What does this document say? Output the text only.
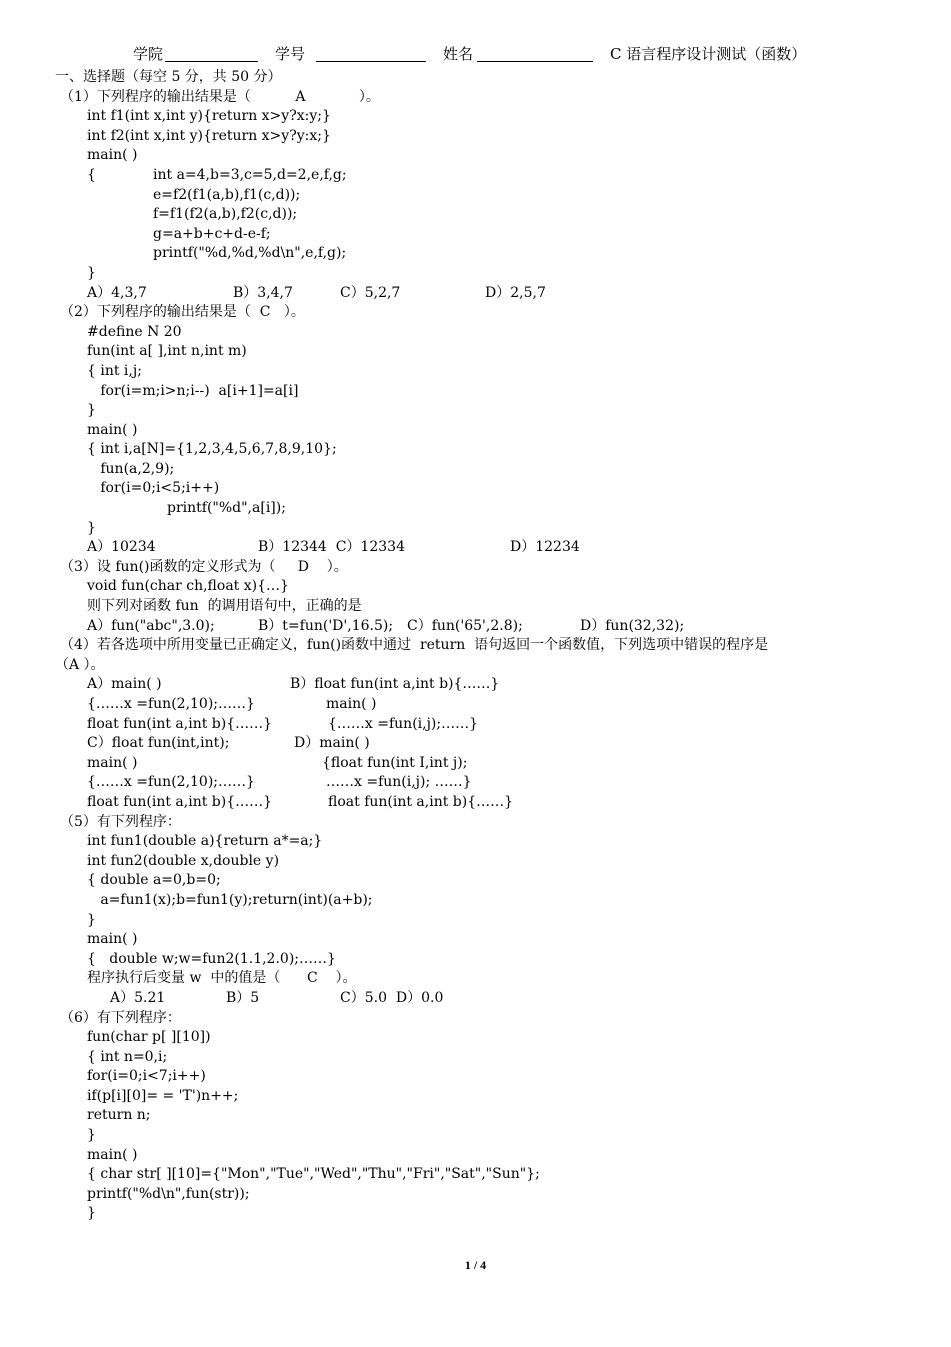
学院	学号	姓名	C 语言程序设计测试（函数）
一、选择题（每空 5 分，共 50 分）
（1）下列程序的输出结果是（          A            ）。
int f1(int x,int y){return x>y?x:y;}
int f2(int x,int y){return x>y?y:x;}
main( )
{	int a=4,b=3,c=5,d=2,e,f,g;
e=f2(f1(a,b),f1(c,d));
f=f1(f2(a,b),f2(c,d));
g=a+b+c+d-e-f;
printf("%d,%d,%d\n",e,f,g);
}
A）4,3,7	B）3,4,7	C）5,2,7	D）2,5,7
（2）下列程序的输出结果是（  C   ）。
#define N 20
fun(int a[ ],int n,int m)
{ int i,j;
for(i=m;i>n;i--)  a[i+1]=a[i]
}
main( )
{ int i,a[N]={1,2,3,4,5,6,7,8,9,10};
fun(a,2,9);
for(i=0;i<5;i++)
printf("%d",a[i]);
}
A）10234	B）12344  C）12334	D）12234
（3）设 fun()函数的定义形式为（     D    ）。
void fun(char ch,float x){…}
则下列对函数 fun  的调用语句中，正确的是
A）fun("abc",3.0);	B）t=fun('D',16.5); C）fun('65',2.8);	D）fun(32,32);
（4）若各选项中所用变量已正确定义，fun()函数中通过  return  语句返回一个函数值，下列选项中错误的程序是
（A ）。
A）main( )	B）float fun(int a,int b){……}
{……x =fun(2,10);……}	main( )
float fun(int a,int b){……}	{……x =fun(i,j);……}
C）float fun(int,int);	D）main( )
main( )	{float fun(int I,int j);
{……x =fun(2,10);……}	……x =fun(i,j); ……}
float fun(int a,int b){……}	float fun(int a,int b){……}
（5）有下列程序：
int fun1(double a){return a*=a;}
int fun2(double x,double y)
{ double a=0,b=0;
a=fun1(x);b=fun1(y);return(int)(a+b);
}
main( )
{   double w;w=fun2(1.1,2.0);……}
程序执行后变量 w  中的值是（      C    ）。
A）5.21	B）5	C）5.0  D）0.0
（6）有下列程序：
fun(char p[ ][10])
{ int n=0,i;
for(i=0;i<7;i++)
if(p[i][0]= = 'T')n++;
return n;
}
main( )
{ char str[ ][10]={"Mon","Tue","Wed","Thu","Fri","Sat","Sun"};
printf("%d\n",fun(str));
}
1 / 4
